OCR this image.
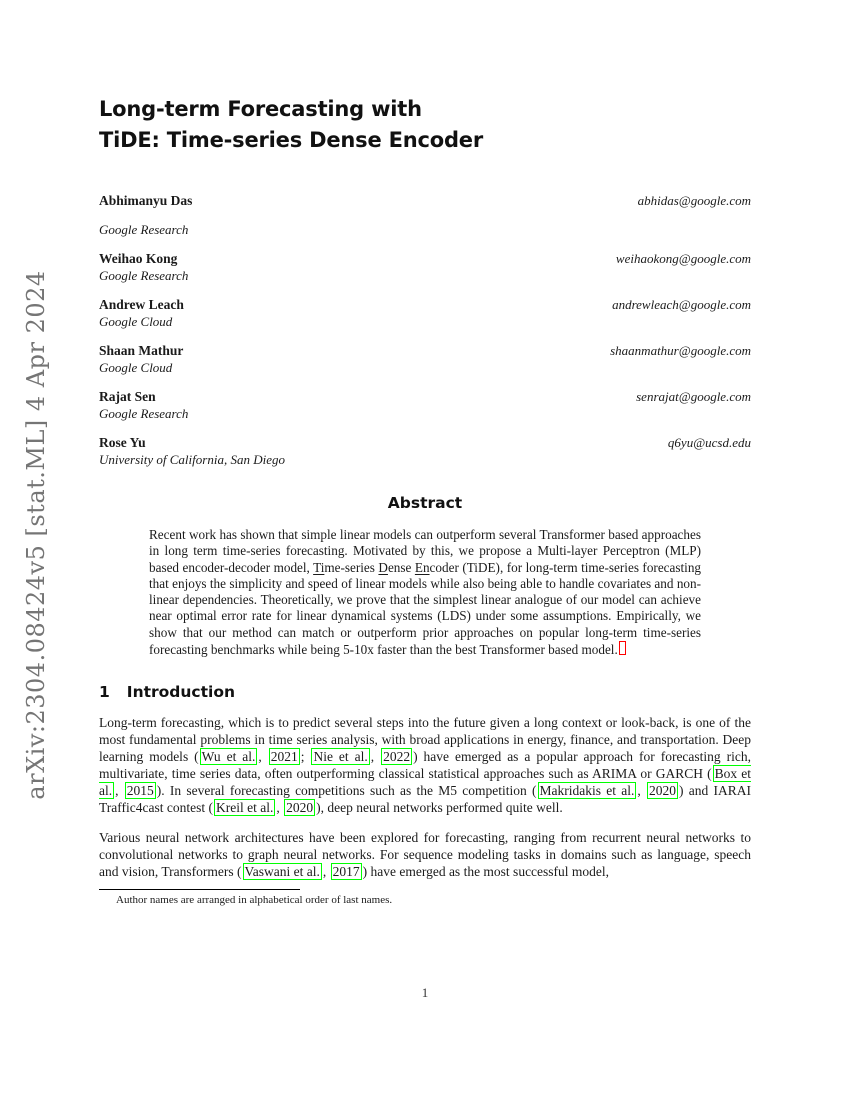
arXiv:2304.08424v5 [stat.ML] 4 Apr 2024
Long-term Forecasting with
TiDE: Time-series Dense Encoder
Abhimanyu Das	abhidas@google.com
Google Research
Weihao Kong	weihaokong@google.com
Google Research
Andrew Leach	andrewleach@google.com
Google Cloud
Shaan Mathur	shaanmathur@google.com
Google Cloud
Rajat Sen	senrajat@google.com
Google Research
Rose Yu	q6yu@ucsd.edu
University of California, San Diego
Abstract

Recent work has shown that simple linear models can outperform several Transformer based approaches in long term time-series forecasting. Motivated by this, we propose a Multi-layer Perceptron (MLP) based encoder-decoder model, Time-series Dense Encoder (TiDE), for long-term time-series forecasting that enjoys the simplicity and speed of linear models while also being able to handle covariates and non-linear dependencies. Theoretically, we prove that the simplest linear analogue of our model can achieve near optimal error rate for linear dynamical systems (LDS) under some assumptions. Empirically, we show that our method can match or outperform prior approaches on popular long-term time-series forecasting benchmarks while being 5-10x faster than the best Transformer based model.

1 Introduction

Long-term forecasting, which is to predict several steps into the future given a long context or look-back, is one of the most fundamental problems in time series analysis, with broad applications in energy, finance, and transportation. Deep learning models ( Wu et al. , 2021 ; Nie et al. , 2022 ) have emerged as a popular approach for forecasting rich, multivariate, time series data, often outperforming classical statistical approaches such as ARIMA or GARCH ( Box et al. , 2015 ). In several forecasting competitions such as the M5 competition ( Makridakis et al. , 2020 ) and IARAI Traffic4cast contest ( Kreil et al. , 2020 ), deep neural networks performed quite well.

Various neural network architectures have been explored for forecasting, ranging from recurrent neural networks to convolutional networks to graph neural networks. For sequence modeling tasks in domains such as language, speech and vision, Transformers ( Vaswani et al. , 2017 ) have emerged as the most successful model,

Author names are arranged in alphabetical order of last names.

1
